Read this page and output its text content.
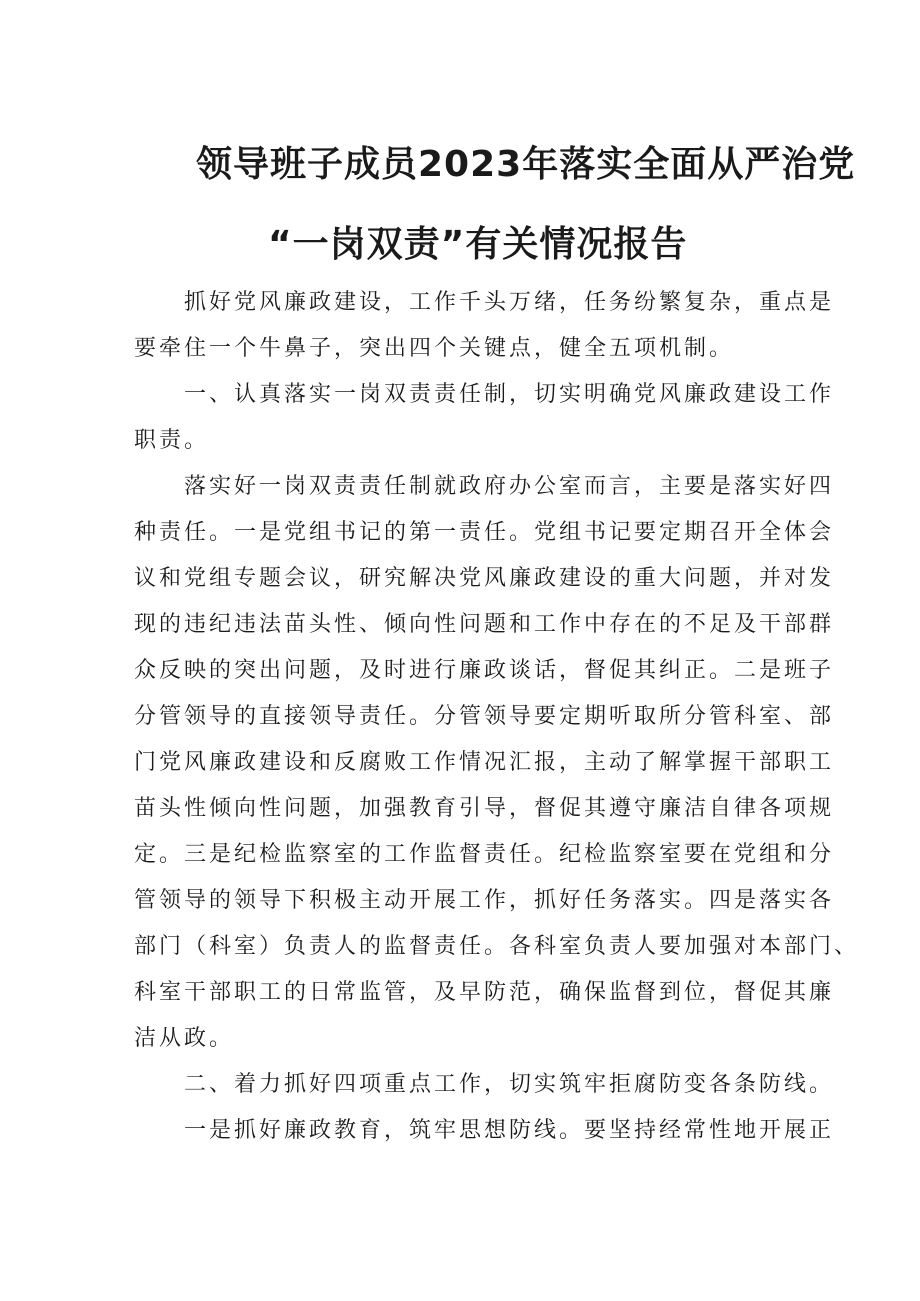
领导班子成员2023年落实全面从严治党
“一岗双责”有关情况报告
抓好党风廉政建设，工作千头万绪，任务纷繁复杂，重点是
要牵住一个牛鼻子，突出四个关键点，健全五项机制。
一、认真落实一岗双责责任制，切实明确党风廉政建设工作
职责。
落实好一岗双责责任制就政府办公室而言，主要是落实好四
种责任。一是党组书记的第一责任。党组书记要定期召开全体会
议和党组专题会议，研究解决党风廉政建设的重大问题，并对发
现的违纪违法苗头性、倾向性问题和工作中存在的不足及干部群
众反映的突出问题，及时进行廉政谈话，督促其纠正。二是班子
分管领导的直接领导责任。分管领导要定期听取所分管科室、部
门党风廉政建设和反腐败工作情况汇报，主动了解掌握干部职工
苗头性倾向性问题，加强教育引导，督促其遵守廉洁自律各项规
定。三是纪检监察室的工作监督责任。纪检监察室要在党组和分
管领导的领导下积极主动开展工作，抓好任务落实。四是落实各
部门（科室）负责人的监督责任。各科室负责人要加强对本部门、
科室干部职工的日常监管，及早防范，确保监督到位，督促其廉
洁从政。
二、着力抓好四项重点工作，切实筑牢拒腐防变各条防线。
一是抓好廉政教育，筑牢思想防线。要坚持经常性地开展正
